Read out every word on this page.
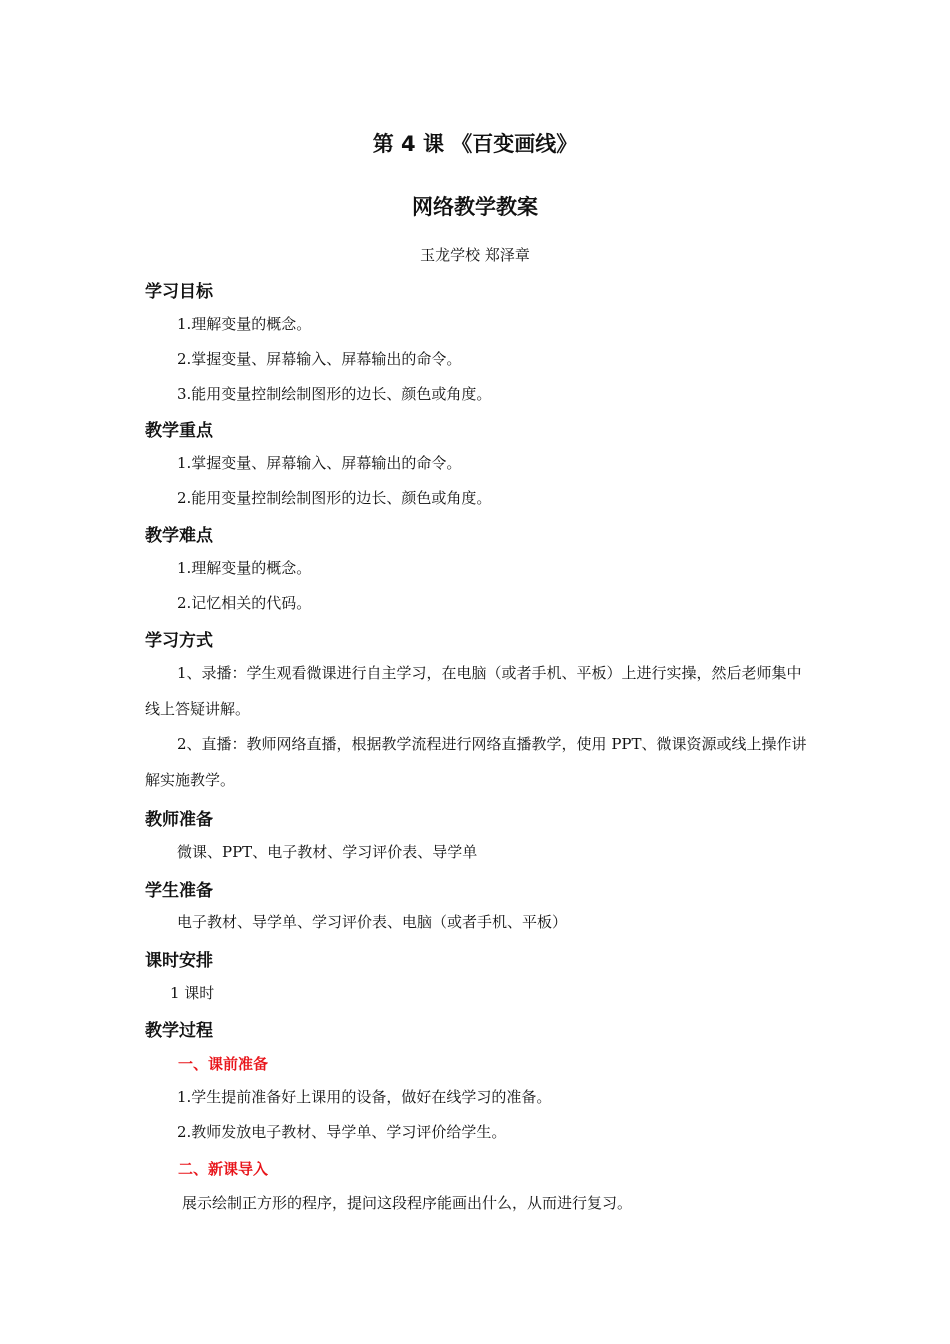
第 4 课 《百变画线》
网络教学教案
玉龙学校 郑泽章
学习目标
1.理解变量的概念。
2.掌握变量、屏幕输入、屏幕输出的命令。
3.能用变量控制绘制图形的边长、颜色或角度。
教学重点
1.掌握变量、屏幕输入、屏幕输出的命令。
2.能用变量控制绘制图形的边长、颜色或角度。
教学难点
1.理解变量的概念。
2.记忆相关的代码。
学习方式
1、录播：学生观看微课进行自主学习，在电脑（或者手机、平板）上进行实操，然后老师集中线上答疑讲解。
2、直播：教师网络直播，根据教学流程进行网络直播教学，使用 PPT、微课资源或线上操作讲解实施教学。
教师准备
微课、PPT、电子教材、学习评价表、导学单
学生准备
电子教材、导学单、学习评价表、电脑（或者手机、平板）
课时安排
1 课时
教学过程
一、课前准备
1.学生提前准备好上课用的设备，做好在线学习的准备。
2.教师发放电子教材、导学单、学习评价给学生。
二、新课导入
展示绘制正方形的程序，提问这段程序能画出什么，从而进行复习。
